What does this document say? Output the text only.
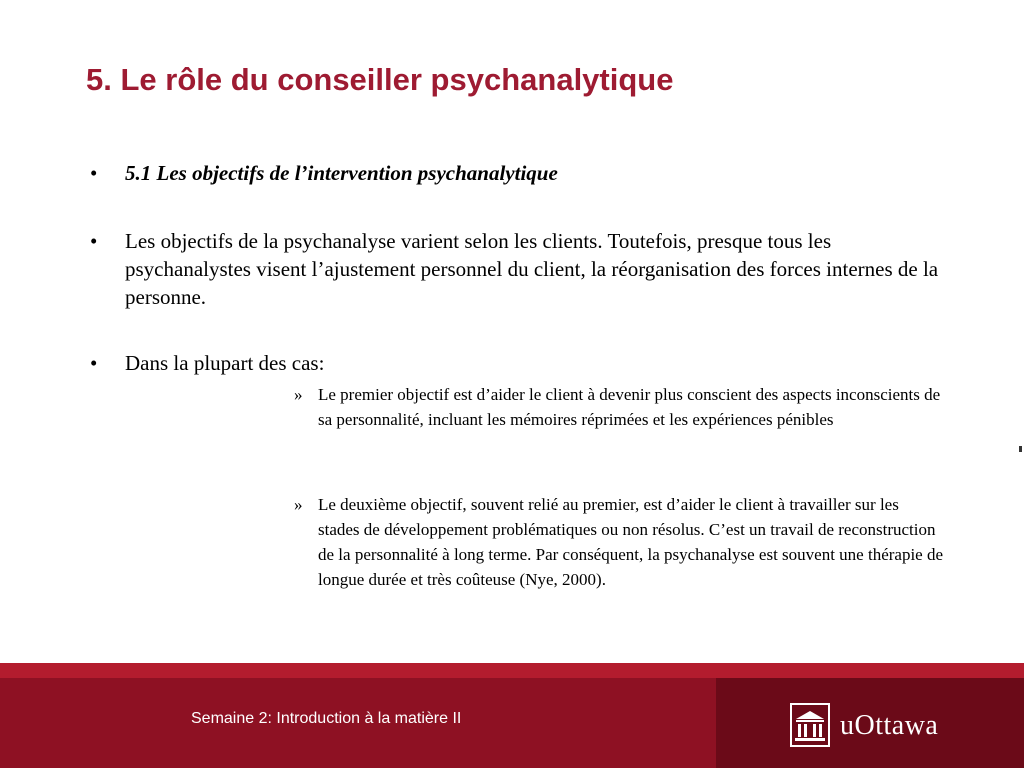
5. Le rôle du conseiller psychanalytique
• 5.1 Les objectifs de l’intervention psychanalytique
• Les objectifs de la psychanalyse varient selon les clients. Toutefois, presque tous les psychanalystes visent l’ajustement personnel du client, la réorganisation des forces internes de la personne.
• Dans la plupart des cas:
» Le premier objectif est d’aider le client à devenir plus conscient des aspects inconscients de sa personnalité, incluant les mémoires réprimées et les expériences pénibles
» Le deuxième objectif, souvent relié au premier, est d’aider le client à travailler sur les stades de développement problématiques ou non résolus. C’est un travail de reconstruction de la personnalité à long terme. Par conséquent, la psychanalyse est souvent une thérapie de longue durée et très coûteuse (Nye, 2000).
Semaine 2: Introduction à la matière II	uOttawa
